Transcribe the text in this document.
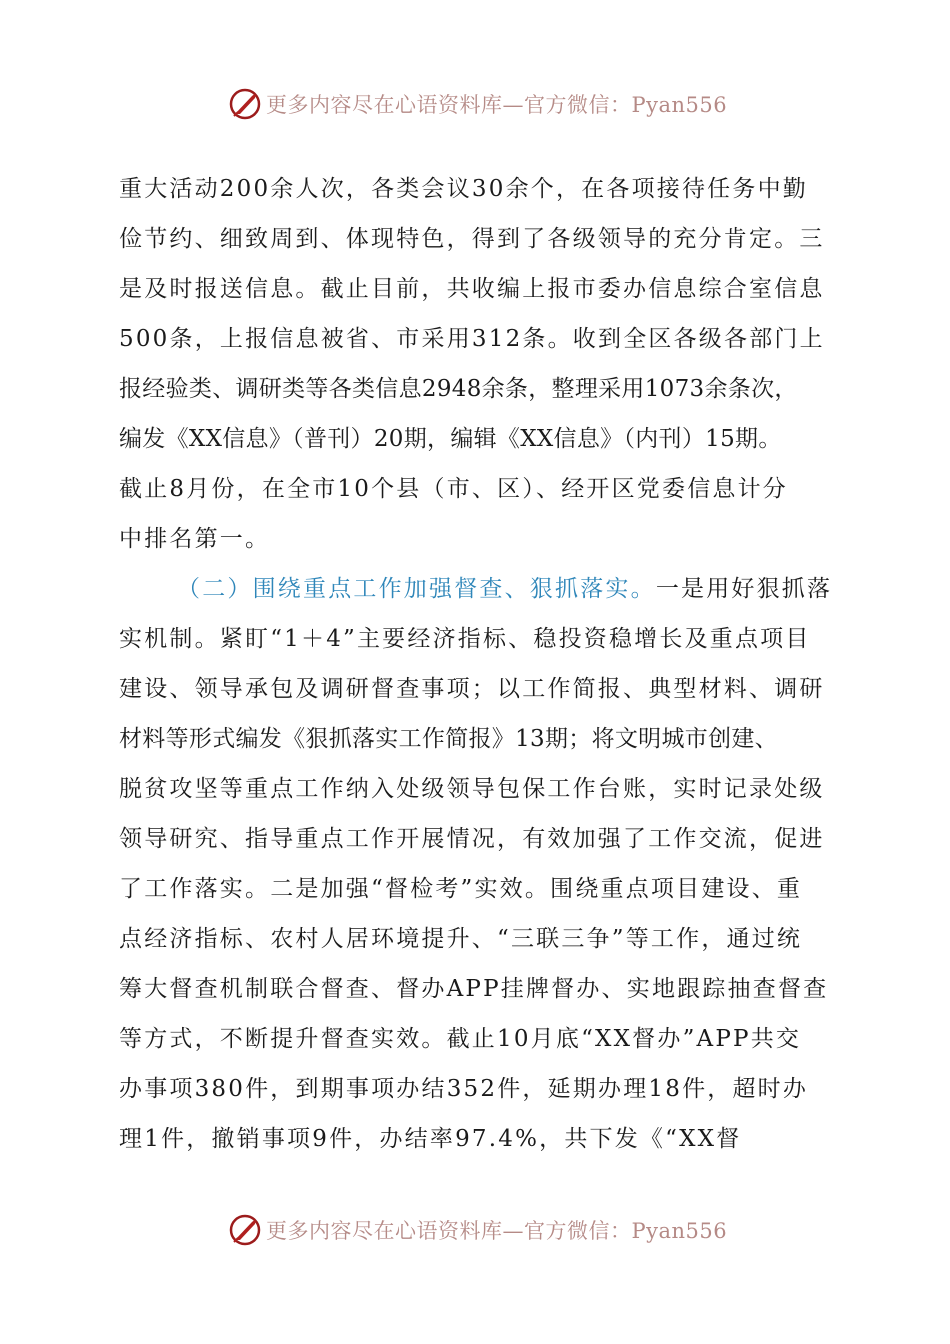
更多内容尽在心语资料库—官方微信：Pyan556
重大活动200余人次，各类会议30余个，在各项接待任务中勤
俭节约、细致周到、体现特色，得到了各级领导的充分肯定。三
是及时报送信息。截止目前，共收编上报市委办信息综合室信息
500条，上报信息被省、市采用312条。收到全区各级各部门上
报经验类、调研类等各类信息2948余条，整理采用1073余条次，
编发《XX信息》（普刊）20期，编辑《XX信息》（内刊）15期。
截止8月份，在全市10个县（市、区）、经开区党委信息计分
中排名第一。
（二）围绕重点工作加强督查、狠抓落实。一是用好狠抓落
实机制。紧盯“1＋4”主要经济指标、稳投资稳增长及重点项目
建设、领导承包及调研督查事项；以工作简报、典型材料、调研
材料等形式编发《狠抓落实工作简报》13期；将文明城市创建、
脱贫攻坚等重点工作纳入处级领导包保工作台账，实时记录处级
领导研究、指导重点工作开展情况，有效加强了工作交流，促进
了工作落实。二是加强“督检考”实效。围绕重点项目建设、重
点经济指标、农村人居环境提升、“三联三争”等工作，通过统
筹大督查机制联合督查、督办APP挂牌督办、实地跟踪抽查督查
等方式，不断提升督查实效。截止10月底“XX督办”APP共交
办事项380件，到期事项办结352件，延期办理18件，超时办
理1件，撤销事项9件，办结率97.4%，共下发《“XX督
更多内容尽在心语资料库—官方微信：Pyan556
